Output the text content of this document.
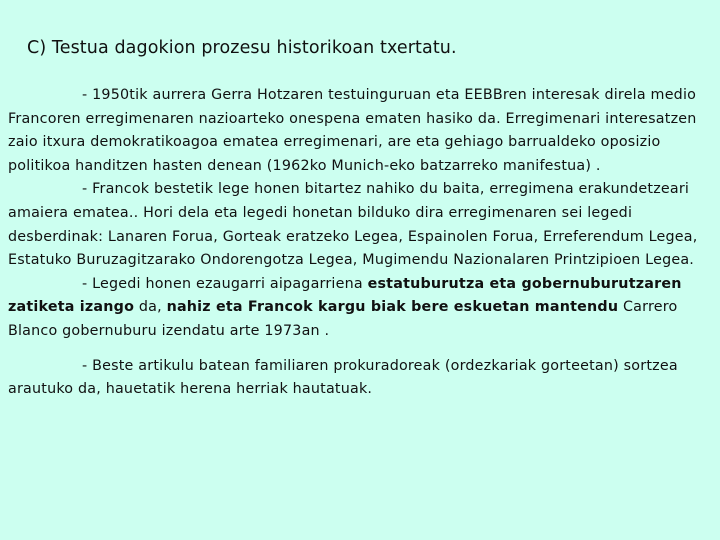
C) Testua dagokion prozesu historikoan txertatu.

- 1950tik aurrera Gerra Hotzaren testuinguruan eta EEBBren interesak direla medio Francoren erregimenaren nazioarteko onespena ematen hasiko da. Erregimenari interesatzen zaio itxura demokratikoagoa ematea erregimenari, are eta gehiago barrualdeko oposizio politikoa handitzen hasten denean (1962ko Munich-eko batzarreko manifestua) .

- Francok bestetik lege honen bitartez nahiko du baita, erregimena erakundetzeari amaiera ematea.. Hori dela eta legedi honetan bilduko dira erregimenaren sei legedi desberdinak: Lanaren Forua, Gorteak eratzeko Legea, Espainolen Forua, Erreferendum Legea, Estatuko Buruzagitzarako Ondorengotza Legea, Mugimendu Nazionalaren Printzipioen Legea.

- Legedi honen ezaugarri aipagarriena estatuburutza eta gobernuburutzaren zatiketa izango da, nahiz eta Francok kargu biak bere eskuetan mantendu Carrero Blanco gobernuburu izendatu arte 1973an .

- Beste artikulu batean familiaren prokuradoreak (ordezkariak gorteetan) sortzea arautuko da, hauetatik herena herriak hautatuak.
